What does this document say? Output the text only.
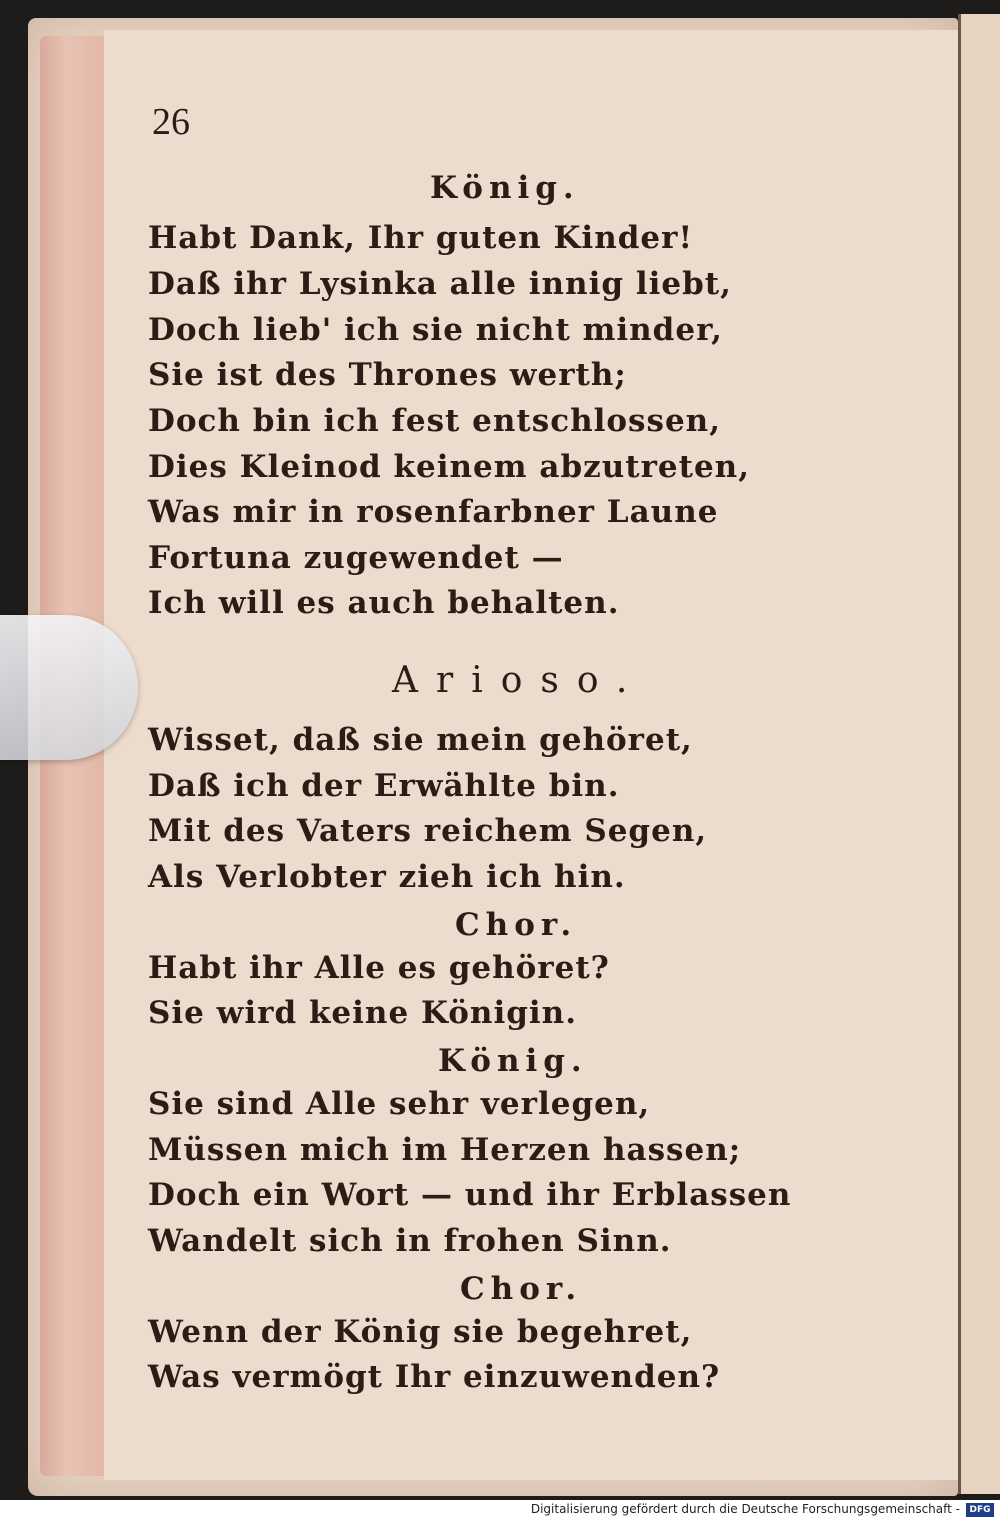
26
König.
Habt Dank, Ihr guten Kinder!
Daß ihr Lysinka alle innig liebt,
Doch lieb' ich sie nicht minder,
Sie ist des Thrones werth;
Doch bin ich fest entschlossen,
Dies Kleinod keinem abzutreten,
Was mir in rosenfarbner Laune
Fortuna zugewendet —
Ich will es auch behalten.
Arioso.
Wisset, daß sie mein gehöret,
Daß ich der Erwählte bin.
Mit des Vaters reichem Segen,
Als Verlobter zieh ich hin.
Chor.
Habt ihr Alle es gehöret?
Sie wird keine Königin.
König.
Sie sind Alle sehr verlegen,
Müssen mich im Herzen hassen;
Doch ein Wort — und ihr Erblassen
Wandelt sich in frohen Sinn.
Chor.
Wenn der König sie begehret,
Was vermögt Ihr einzuwenden?
Digitalisierung gefördert durch die Deutsche Forschungsgemeinschaft -	DFG
